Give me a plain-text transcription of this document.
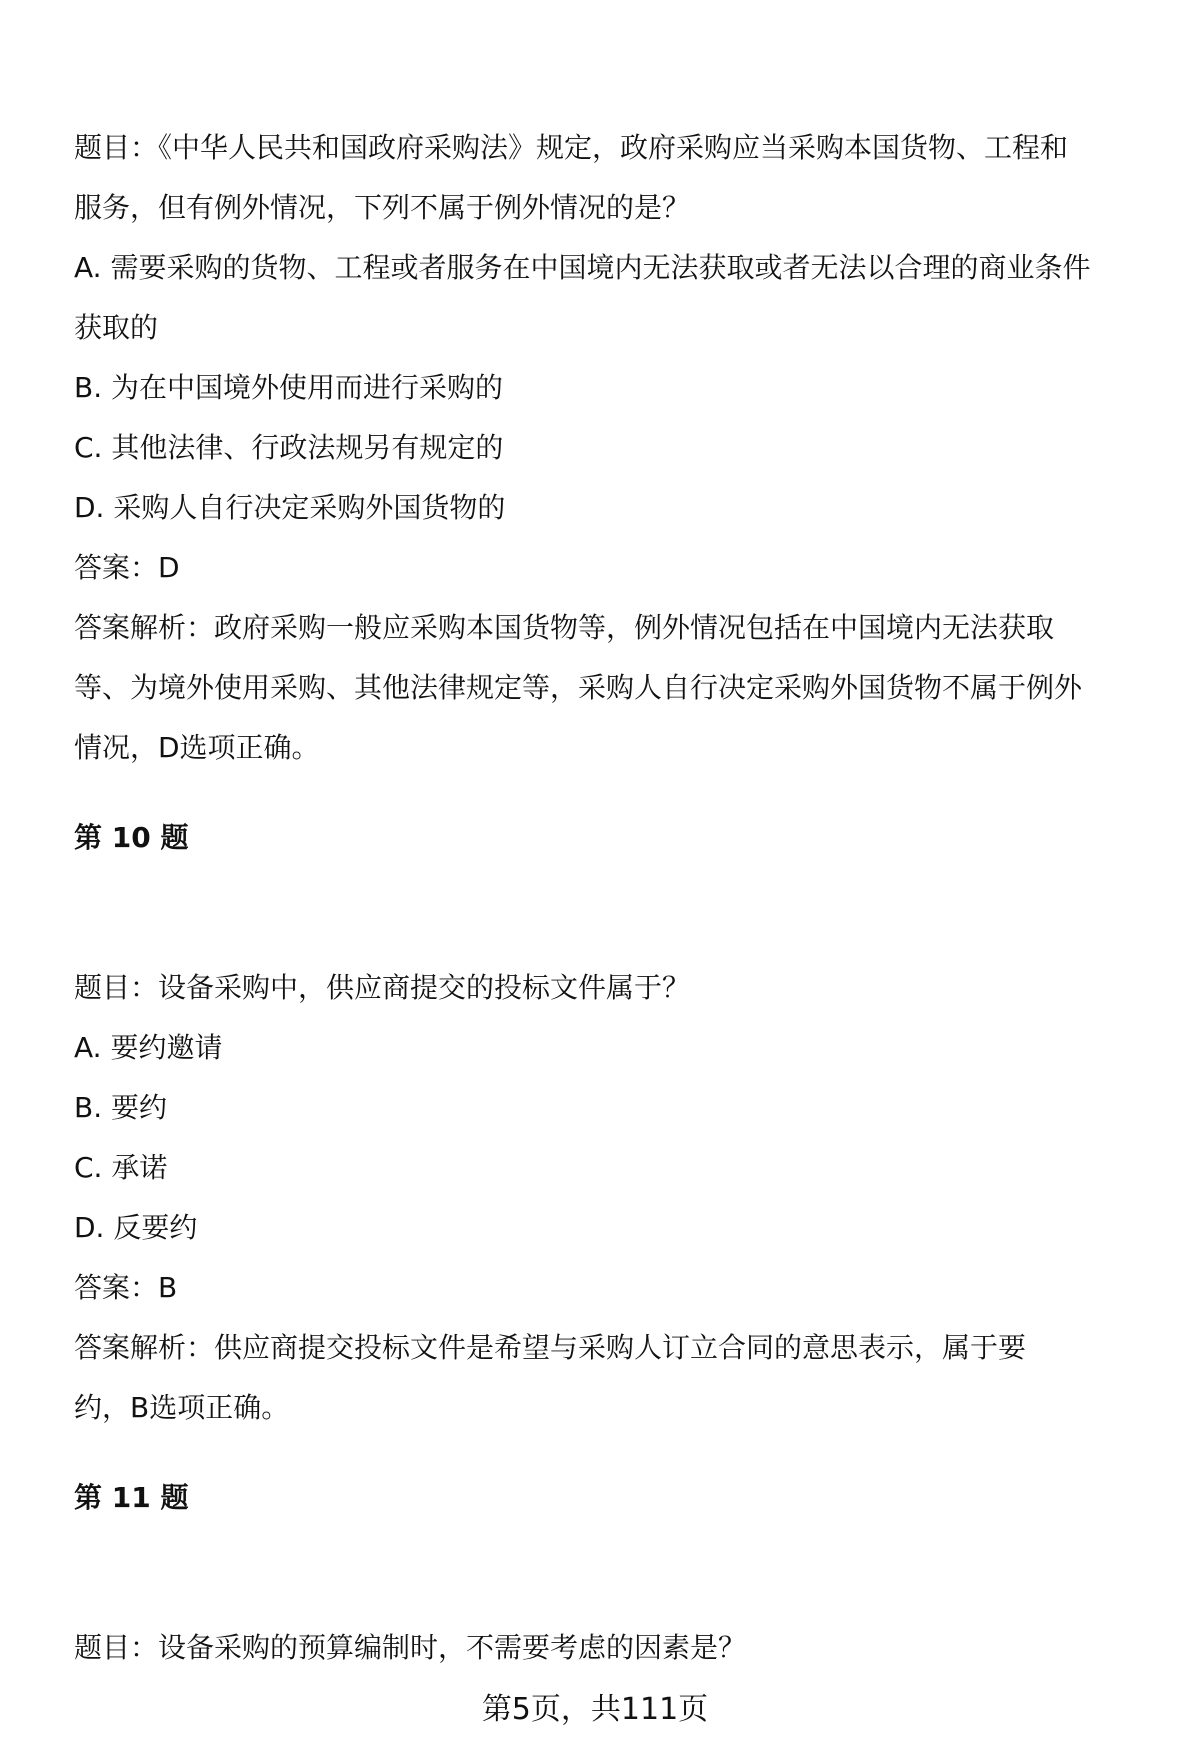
题目：《中华人民共和国政府采购法》规定，政府采购应当采购本国货物、工程和
服务，但有例外情况，下列不属于例外情况的是？

A. 需要采购的货物、工程或者服务在中国境内无法获取或者无法以合理的商业条件
获取的

B. 为在中国境外使用而进行采购的

C. 其他法律、行政法规另有规定的

D. 采购人自行决定采购外国货物的

答案：D

答案解析：政府采购一般应采购本国货物等，例外情况包括在中国境内无法获取
等、为境外使用采购、其他法律规定等，采购人自行决定采购外国货物不属于例外
情况，D选项正确。

第 10 题

题目：设备采购中，供应商提交的投标文件属于？

A. 要约邀请

B. 要约

C. 承诺

D. 反要约

答案：B

答案解析：供应商提交投标文件是希望与采购人订立合同的意思表示，属于要
约，B选项正确。

第 11 题

题目：设备采购的预算编制时，不需要考虑的因素是？

第5页，共111页
